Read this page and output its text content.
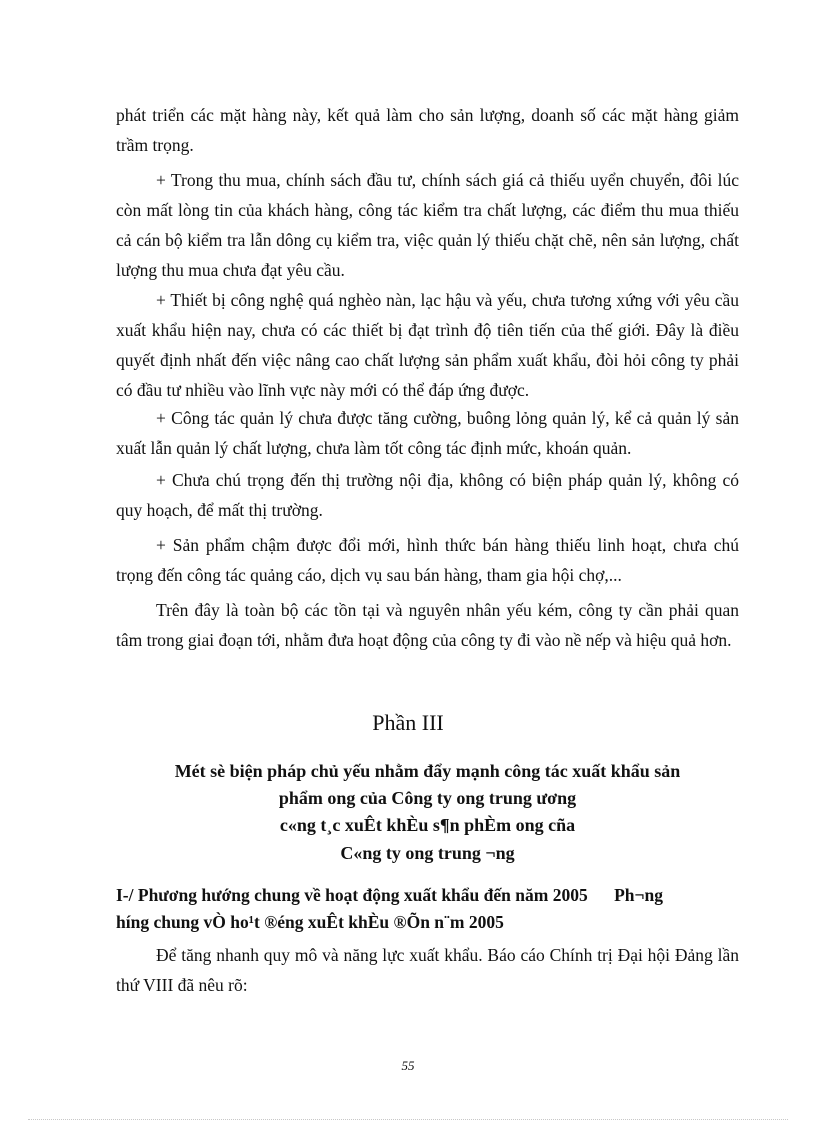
phát triển các mặt hàng này, kết quả làm cho sản lượng, doanh số các mặt hàng giảm trầm trọng.

+ Trong thu mua, chính sách đầu tư, chính sách giá cả thiếu uyển chuyển, đôi lúc còn mất lòng tin của khách hàng, công tác kiểm tra chất lượng, các điểm thu mua thiếu cả cán bộ kiểm tra lẫn dông cụ kiểm tra, việc quản lý thiếu chặt chẽ, nên sản lượng, chất lượng thu mua chưa đạt yêu cầu.

+ Thiết bị công nghệ quá nghèo nàn, lạc hậu và yếu, chưa tương xứng với yêu cầu xuất khẩu hiện nay, chưa có các thiết bị đạt trình độ tiên tiến của thế giới. Đây là điều quyết định nhất đến việc nâng cao chất lượng sản phẩm xuất khẩu, đòi hỏi công ty phải có đầu tư nhiều vào lĩnh vực này mới có thể đáp ứng được.

+ Công tác quản lý chưa được tăng cường, buông lỏng quản lý, kể cả quản lý sản xuất lẫn quản lý chất lượng, chưa làm tốt công tác định mức, khoán quản.

+ Chưa chú trọng đến thị trường nội địa, không có biện pháp quản lý, không có quy hoạch, để mất thị trường.

+ Sản phẩm chậm được đổi mới, hình thức bán hàng thiếu linh hoạt, chưa chú trọng đến công tác quảng cáo, dịch vụ sau bán hàng, tham gia hội chợ,...

Trên đây là toàn bộ các tồn tại và nguyên nhân yếu kém, công ty cần phải quan tâm trong giai đoạn tới, nhằm đưa hoạt động của công ty đi vào nề nếp và hiệu quả hơn.

Phần III

Mét sè biện pháp chủ yếu nhằm đẩy mạnh công tác xuất khẩu sản

phẩm ong của Công ty ong trung ương

c«ng t¸c xuÊt khÈu s¶n phÈm ong cña

C«ng ty ong trung ¬ng

I-/ Phương hướng chung về hoạt động xuất khẩu đến năm 2005 Ph¬ng
híng chung vÒ ho¹t ®éng xuÊt khÈu ®Õn n¨m 2005

Để tăng nhanh quy mô và năng lực xuất khẩu. Báo cáo Chính trị Đại hội Đảng lần thứ VIII đã nêu rõ:

55
